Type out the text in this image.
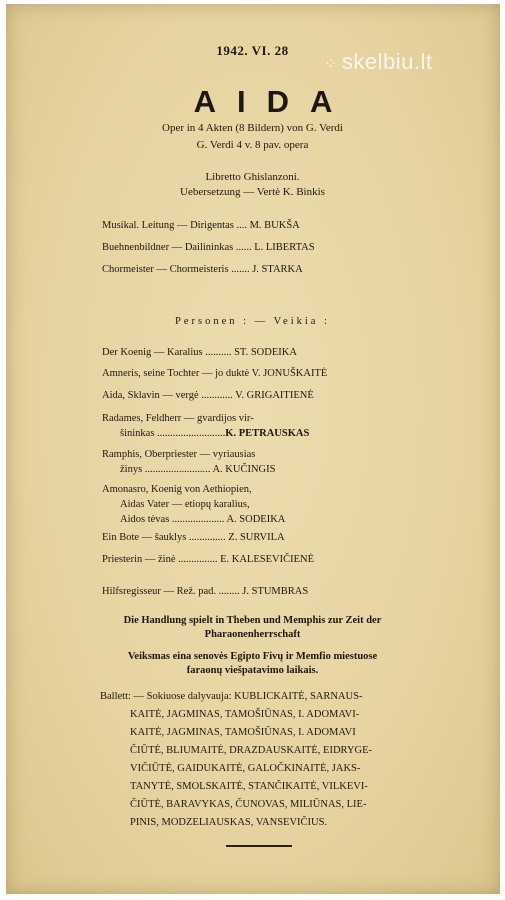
⁘ skelbiu.lt
1942. VI. 28
AIDA
Oper in 4 Akten (8 Bildern) von G. Verdi
G. Verdi 4 v. 8 pav. opera
Libretto Ghislanzoni.
Uebersetzung — Vertė K. Binkis
Musikal. Leitung — Dirigentas .... M. BUKŠA
Buehnenbildner — Dailininkas ...... L. LIBERTAS
Chormeister — Chormeisteris ....... J. STARKA
Personen : — Veikia :
Der Koenig — Karalius .......... ST. SODEIKA
Amneris, seine Tochter — jo duktė V. JONUŠKAITĖ
Aida, Sklavin — vergė ............ V. GRIGAITIENĖ
Radames, Feldherr — gvardijos vir-
šininkas ..........................K. PETRAUSKAS
Ramphis, Oberpriester — vyriausias
žinys ......................... A. KUČINGIS
Amonasro, Koenig von Aethiopien,
Aidas Vater — etiopų karalius,
Aidos tėvas .................... A. SODEIKA
Ein Bote — šauklys .............. Z. SURVILA
Priesterin — žinė ............... E. KALESEVIČIENĖ
Hilfsregisseur — Rež. pad. ........ J. STUMBRAS
Die Handlung spielt in Theben und Memphis zur Zeit der
Pharaonenherrschaft
Veiksmas eina senovės Egipto Fivų ir Memfio miestuose
faraonų viešpatavimo laikais.

Ballett: — Sokiuose dalyvauja: KUBLICKAITĖ, SARNAUS-

KAITĖ, JAGMINAS, TAMOŠIŪNAS, I. ADOMAVI-

KAITĖ, JAGMINAS, TAMOŠIŪNAS, I. ADOMAVI

ČIŪTĖ, BLIUMAITĖ, DRAZDAUSKAITĖ, EIDRYGE-

VIČIŪTĖ, GAIDUKAITĖ, GALOČKINAITĖ, JAKS-

TANYTĖ, SMOLSKAITĖ, STANČIKAITĖ, VILKEVI-

ČIŪTĖ, BARAVYKAS, ČUNOVAS, MILIŪNAS, LIE-

PINIS, MODZELIAUSKAS, VANSEVIČIUS.
